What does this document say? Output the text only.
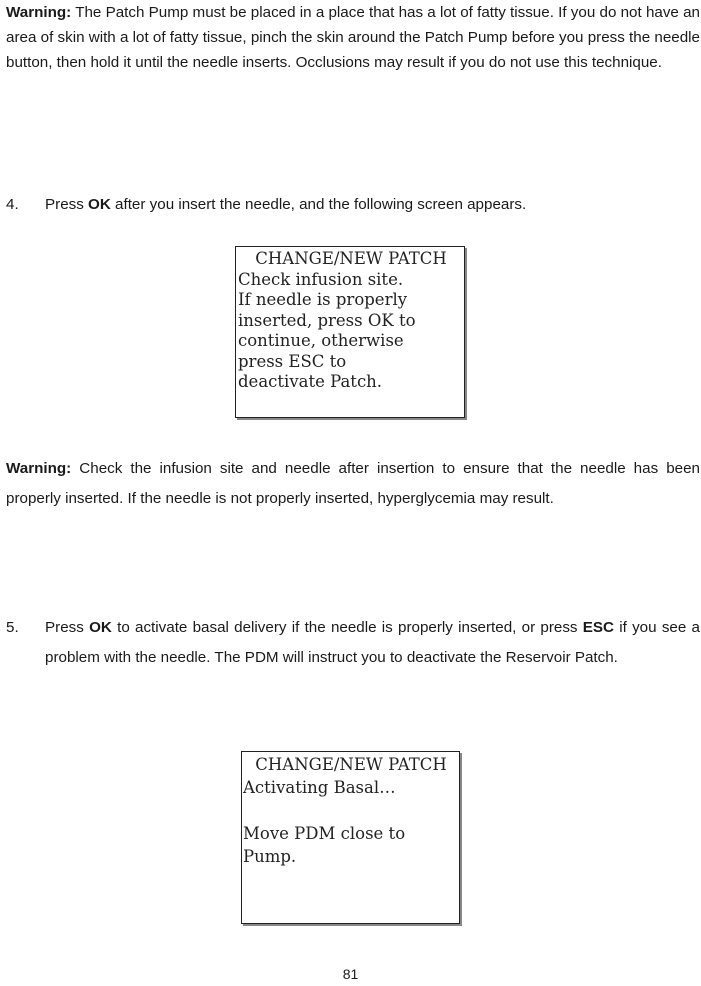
Warning: The Patch Pump must be placed in a place that has a lot of fatty tissue. If you do not have an area of skin with a lot of fatty tissue, pinch the skin around the Patch Pump before you press the needle button, then hold it until the needle inserts. Occlusions may result if you do not use this technique.

4. Press OK after you insert the needle, and the following screen appears.

CHANGE/NEW PATCH
Check infusion site.
If needle is properly
inserted, press OK to
continue, otherwise
press ESC to
deactivate Patch.

Warning: Check the infusion site and needle after insertion to ensure that the needle has been properly inserted. If the needle is not properly inserted, hyperglycemia may result.

5. Press OK to activate basal delivery if the needle is properly inserted, or press ESC if you see a problem with the needle. The PDM will instruct you to deactivate the Reservoir Patch.

CHANGE/NEW PATCH
Activating Basal…
Move PDM close to
Pump.
81
